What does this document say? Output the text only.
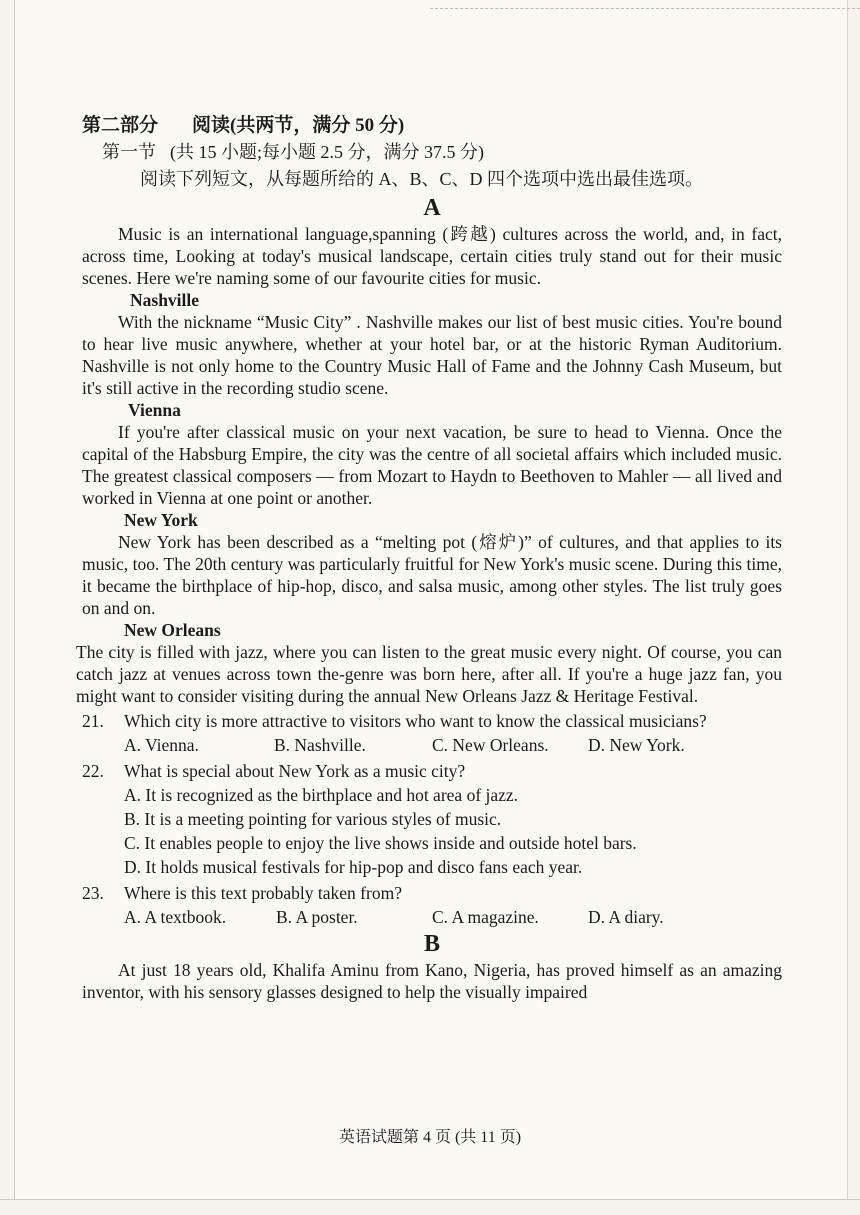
第二部分 阅读(共两节，满分 50 分)
第一节 (共 15 小题;每小题 2.5 分，满分 37.5 分)
阅读下列短文，从每题所给的 A、B、C、D 四个选项中选出最佳选项。
A

Music is an international language,spanning (跨越) cultures across the world, and, in fact, across time, Looking at today's musical landscape, certain cities truly stand out for their music scenes. Here we're naming some of our favourite cities for music.

Nashville

With the nickname “Music City” . Nashville makes our list of best music cities. You're bound to hear live music anywhere, whether at your hotel bar, or at the historic Ryman Auditorium. Nashville is not only home to the Country Music Hall of Fame and the Johnny Cash Museum, but it's still active in the recording studio scene.

Vienna

If you're after classical music on your next vacation, be sure to head to Vienna. Once the capital of the Habsburg Empire, the city was the centre of all societal affairs which included music. The greatest classical composers — from Mozart to Haydn to Beethoven to Mahler — all lived and worked in Vienna at one point or another.

New York

New York has been described as a “melting pot (熔炉)” of cultures, and that applies to its music, too. The 20th century was particularly fruitful for New York's music scene. During this time, it became the birthplace of hip-hop, disco, and salsa music, among other styles. The list truly goes on and on.

New Orleans

The city is filled with jazz, where you can listen to the great music every night. Of course, you can catch jazz at venues across town the-genre was born here, after all. If you're a huge jazz fan, you might want to consider visiting during the annual New Orleans Jazz & Heritage Festival.

21. Which city is more attractive to visitors who want to know the classical musicians?
A. Vienna.	B. Nashville.	C. New Orleans.	D. New York.
22. What is special about New York as a music city?
A. It is recognized as the birthplace and hot area of jazz.
B. It is a meeting pointing for various styles of music.
C. It enables people to enjoy the live shows inside and outside hotel bars.
D. It holds musical festivals for hip-pop and disco fans each year.
23. Where is this text probably taken from?
A. A textbook.	B. A poster.	C. A magazine.	D. A diary.
B

At just 18 years old, Khalifa Aminu from Kano, Nigeria, has proved himself as an amazing inventor, with his sensory glasses designed to help the visually impaired

英语试题第 4 页 (共 11 页)
